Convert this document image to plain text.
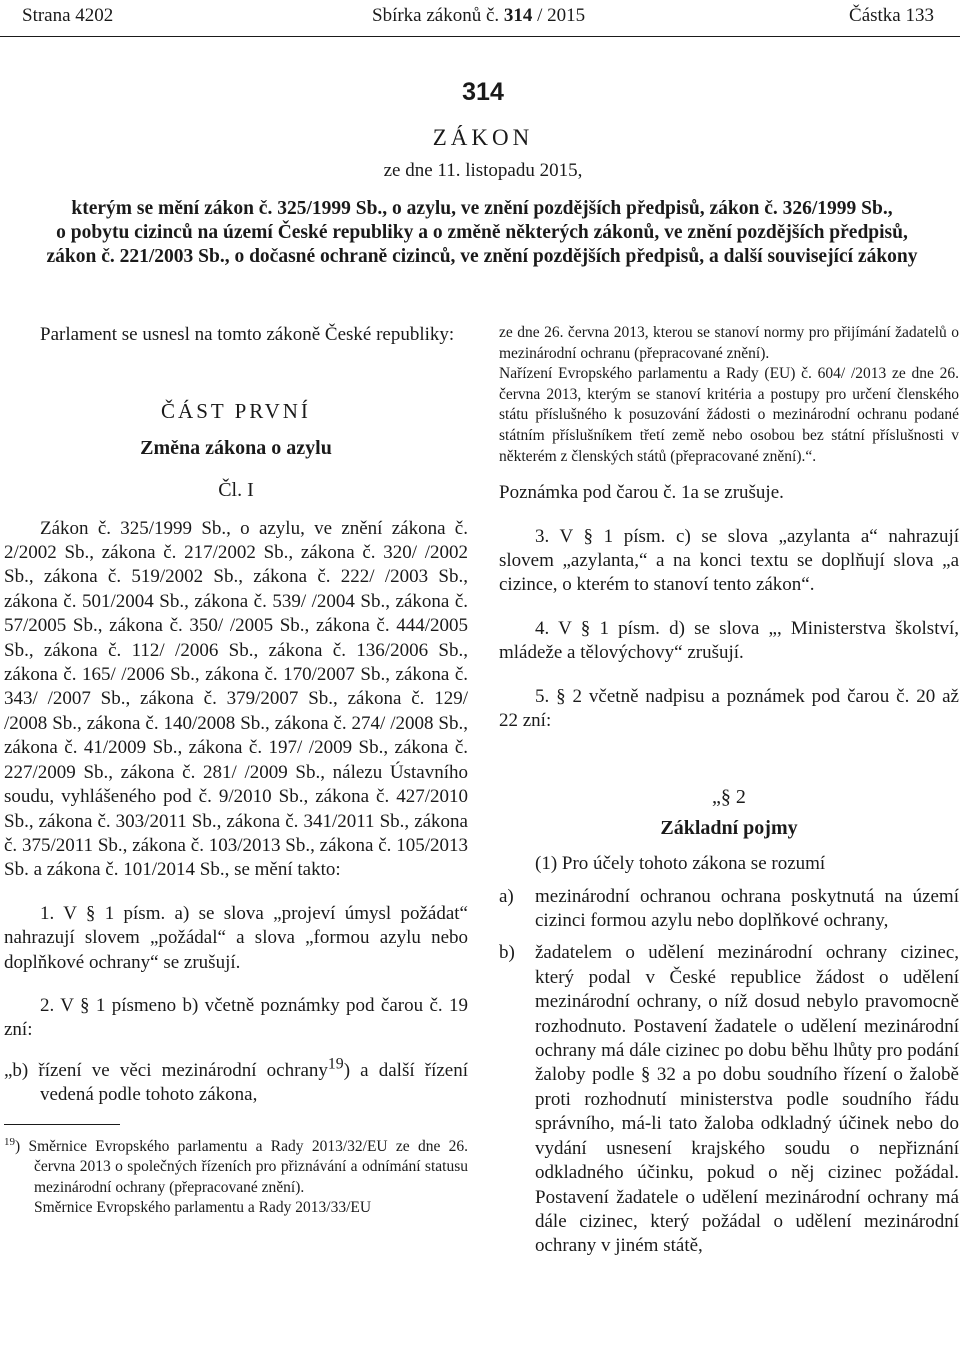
Strana 4202	Sbírka zákonů č. 314 / 2015	Částka 133
314
ZÁKON
ze dne 11. listopadu 2015,
kterým se mění zákon č. 325/1999 Sb., o azylu, ve znění pozdějších předpisů, zákon č. 326/1999 Sb.,
o pobytu cizinců na území České republiky a o změně některých zákonů, ve znění pozdějších předpisů,
zákon č. 221/2003 Sb., o dočasné ochraně cizinců, ve znění pozdějších předpisů, a další související zákony

Parlament se usnesl na tomto zákoně České republiky:

ČÁST PRVNÍ
Změna zákona o azylu
Čl. I

Zákon č. 325/1999 Sb., o azylu, ve znění zákona č. 2/2002 Sb., zákona č. 217/2002 Sb., zákona č. 320/ /2002 Sb., zákona č. 519/2002 Sb., zákona č. 222/ /2003 Sb., zákona č. 501/2004 Sb., zákona č. 539/ /2004 Sb., zákona č. 57/2005 Sb., zákona č. 350/ /2005 Sb., zákona č. 444/2005 Sb., zákona č. 112/ /2006 Sb., zákona č. 136/2006 Sb., zákona č. 165/ /2006 Sb., zákona č. 170/2007 Sb., zákona č. 343/ /2007 Sb., zákona č. 379/2007 Sb., zákona č. 129/ /2008 Sb., zákona č. 140/2008 Sb., zákona č. 274/ /2008 Sb., zákona č. 41/2009 Sb., zákona č. 197/ /2009 Sb., zákona č. 227/2009 Sb., zákona č. 281/ /2009 Sb., nálezu Ústavního soudu, vyhlášeného pod č. 9/2010 Sb., zákona č. 427/2010 Sb., zákona č. 303/2011 Sb., zákona č. 341/2011 Sb., zákona č. 375/2011 Sb., zákona č. 103/2013 Sb., zákona č. 105/2013 Sb. a zákona č. 101/2014 Sb., se mění takto:

1. V § 1 písm. a) se slova „projeví úmysl požádat“ nahrazují slovem „požádal“ a slova „formou azylu nebo doplňkové ochrany“ se zrušují.

2. V § 1 písmeno b) včetně poznámky pod čarou č. 19 zní:

„b) řízení ve věci mezinárodní ochrany$^{19}$) a další řízení vedená podle tohoto zákona,

$^{19}$) Směrnice Evropského parlamentu a Rady 2013/32/EU ze dne 26. června 2013 o společných řízeních pro přiznávání a odnímání statusu mezinárodní ochrany (přepracované znění).

Směrnice Evropského parlamentu a Rady 2013/33/EU

ze dne 26. června 2013, kterou se stanoví normy pro přijímání žadatelů o mezinárodní ochranu (přepracované znění).

Nařízení Evropského parlamentu a Rady (EU) č. 604/ /2013 ze dne 26. června 2013, kterým se stanoví kritéria a postupy pro určení členského státu příslušného k posuzování žádosti o mezinárodní ochranu podané státním příslušníkem třetí země nebo osobou bez státní příslušnosti v některém z členských států (přepracované znění).“.

Poznámka pod čarou č. 1a se zrušuje.

3. V § 1 písm. c) se slova „azylanta a“ nahrazují slovem „azylanta,“ a na konci textu se doplňují slova „a cizince, o kterém to stanoví tento zákon“.

4. V § 1 písm. d) se slova „, Ministerstva školství, mládeže a tělovýchovy“ zrušují.

5. § 2 včetně nadpisu a poznámek pod čarou č. 20 až 22 zní:

„§ 2
Základní pojmy

(1) Pro účely tohoto zákona se rozumí

a)	mezinárodní ochranou ochrana poskytnutá na území cizinci formou azylu nebo doplňkové ochrany,
b)	žadatelem o udělení mezinárodní ochrany cizinec, který podal v České republice žádost o udělení mezinárodní ochrany, o níž dosud nebylo pravomocně rozhodnuto. Postavení žadatele o udělení mezinárodní ochrany má dále cizinec po dobu běhu lhůty pro podání žaloby podle § 32 a po dobu soudního řízení o žalobě proti rozhodnutí ministerstva podle soudního řádu správního, má-li tato žaloba odkladný účinek nebo do vydání usnesení krajského soudu o nepřiznání odkladného účinku, pokud o něj cizinec požádal. Postavení žadatele o udělení mezinárodní ochrany má dále cizinec, který požádal o udělení mezinárodní ochrany v jiném státě,
